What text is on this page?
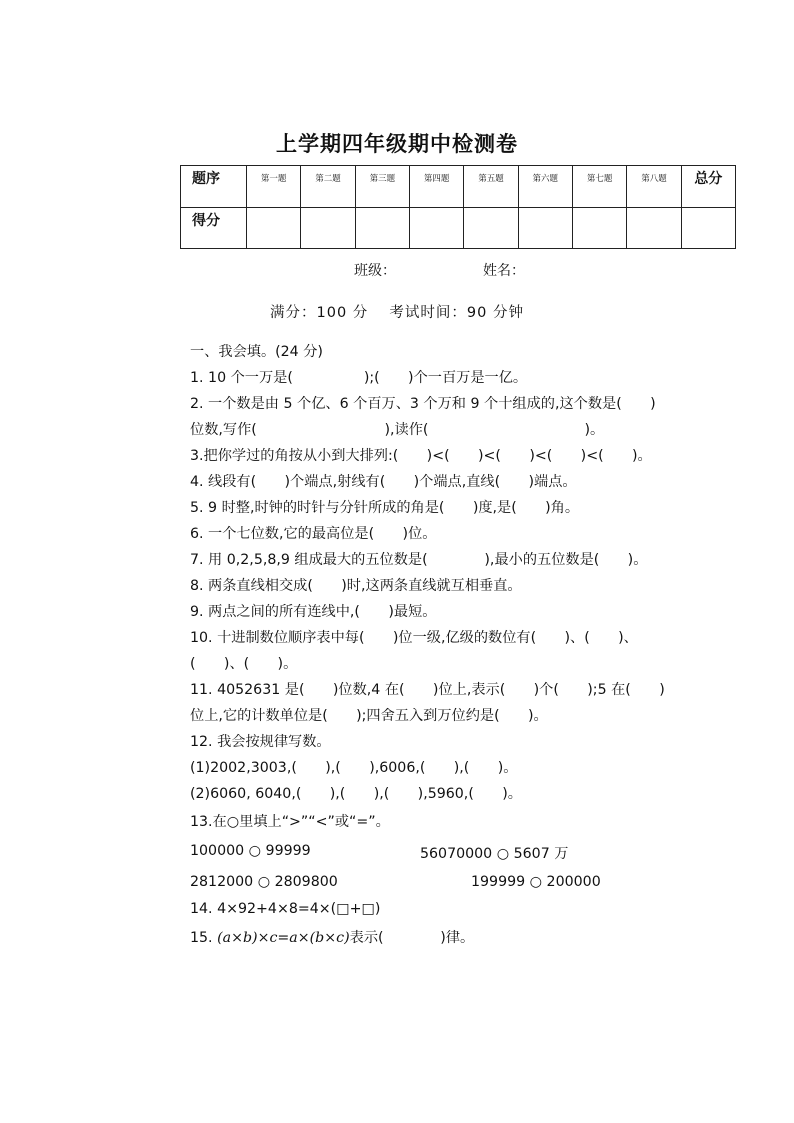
上学期四年级期中检测卷
题序	第一题	第二题	第三题	第四题	第五题	第六题	第七题	第八题	总分
得分									
班级：	姓名：
满分：100 分　 考试时间：90 分钟
一、我会填。(24 分)
1. 10 个一万是(　　　　　);(　　)个一百万是一亿。
2. 一个数是由 5 个亿、6 个百万、3 个万和 9 个十组成的,这个数是(　　)
位数,写作(　　　　　　　　　),读作(　　　　　　　　　　　)。
3.把你学过的角按从小到大排列:(　　)<(　　)<(　　)<(　　)<(　　)。
4. 线段有(　　)个端点,射线有(　　)个端点,直线(　　)端点。
5. 9 时整,时钟的时针与分针所成的角是(　　)度,是(　　)角。
6. 一个七位数,它的最高位是(　　)位。
7. 用 0,2,5,8,9 组成最大的五位数是(　　　　),最小的五位数是(　　)。
8. 两条直线相交成(　　)时,这两条直线就互相垂直。
9. 两点之间的所有连线中,(　　)最短。
10. 十进制数位顺序表中每(　　)位一级,亿级的数位有(　　)、(　　)、
(　　)、(　　)。
11. 4052631 是(　　)位数,4 在(　　)位上,表示(　　)个(　　);5 在(　　)
位上,它的计数单位是(　　);四舍五入到万位约是(　　)。
12. 我会按规律写数。
(1)2002,3003,(　　),(　　),6006,(　　),(　　)。
(2)6060, 6040,(　　),(　　),(　　),5960,(　　)。
13.在○里填上“>”“<”或“=”。
100000 ○ 99999	56070000 ○ 5607 万
2812000 ○ 2809800	199999 ○ 200000
14. 4×92+4×8=4×(□+□)
15. (a×b)×c=a×(b×c)表示(　　　　)律。
